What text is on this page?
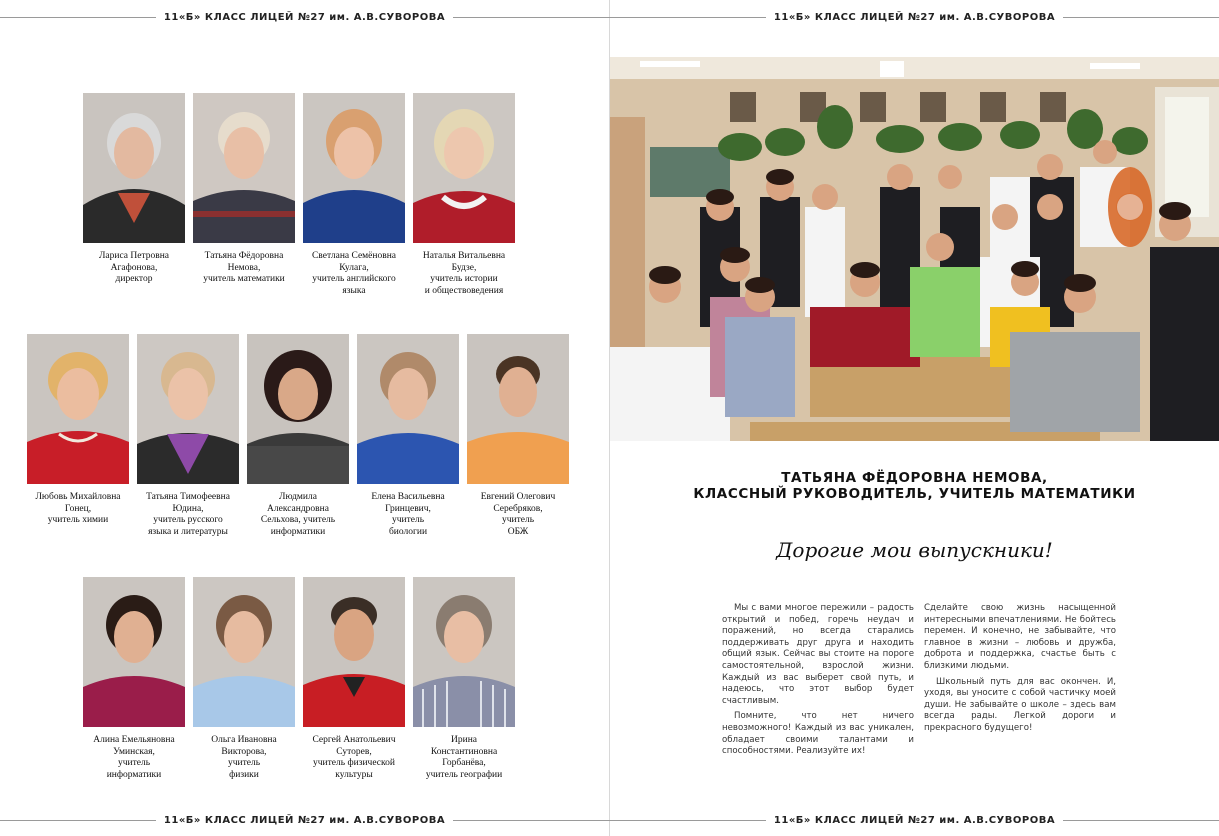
11«Б» КЛАСС ЛИЦЕЙ №27 им. А.В.СУВОРОВА
Лариса Петровна
Агафонова,
директор
Татьяна Фёдоровна
Немова,
учитель математики
Светлана Семёновна
Кулага,
учитель английского
языка
Наталья Витальевна
Будзе,
учитель истории
и обществоведения
Любовь Михайловна
Гонец,
учитель химии
Татьяна Тимофеевна
Юдина,
учитель русского
языка и литературы
Людмила
Александровна
Сельхова, учитель
информатики
Елена Васильевна
Гринцевич,
учитель
биологии
Евгений Олегович
Серебряков,
учитель
ОБЖ
Алина Емельяновна
Уминская,
учитель
информатики
Ольга Ивановна
Викторова,
учитель
физики
Сергей Анатольевич
Суторев,
учитель физической
культуры
Ирина
Константиновна
Горбанёва,
учитель географии
11«Б» КЛАСС ЛИЦЕЙ №27 им. А.В.СУВОРОВА
11«Б» КЛАСС ЛИЦЕЙ №27 им. А.В.СУВОРОВА
ТАТЬЯНА ФЁДОРОВНА НЕМОВА,
КЛАССНЫЙ РУКОВОДИТЕЛЬ, УЧИТЕЛЬ МАТЕМАТИКИ
Дорогие мои выпускники!

Мы с вами многое пережили – радость открытий и побед, горечь неудач и поражений, но всегда старались поддерживать друг друга и находить общий язык. Сейчас вы стоите на пороге самостоятельной, взрослой жизни. Каждый из вас выберет свой путь, и надеюсь, что этот выбор будет счастливым.

Помните, что нет ничего невозможного! Каждый из вас уникален, обладает своими талантами и способностями. Реализуйте их!

Сделайте свою жизнь насыщенной интересными впечатлениями. Не бойтесь перемен. И конечно, не забывайте, что главное в жизни – любовь и дружба, доброта и поддержка, счастье быть с близкими людьми.

Школьный путь для вас окончен. И, уходя, вы уносите с собой частичку моей души. Не забывайте о школе – здесь вам всегда рады. Легкой дороги и прекрасного будущего!

11«Б» КЛАСС ЛИЦЕЙ №27 им. А.В.СУВОРОВА
